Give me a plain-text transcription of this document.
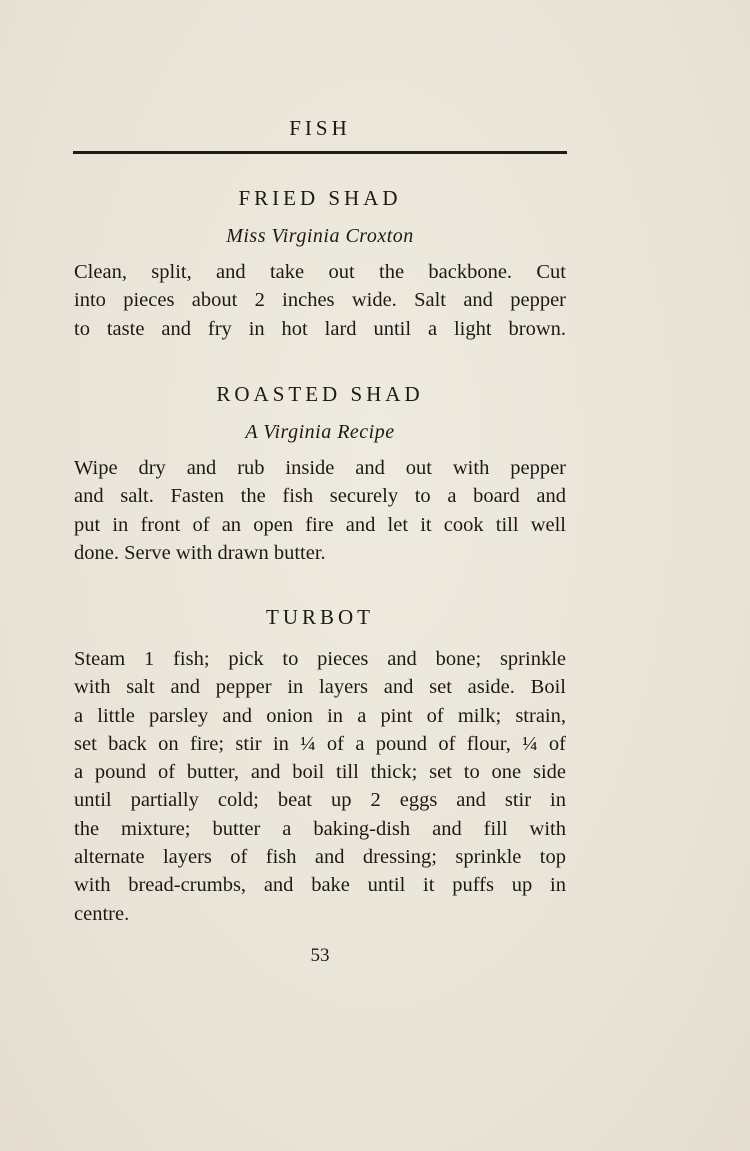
FISH
FRIED SHAD
Miss Virginia Croxton
Clean, split, and take out the backbone. Cut
into pieces about 2 inches wide. Salt and pepper
to taste and fry in hot lard until a light brown.
ROASTED SHAD
A Virginia Recipe
Wipe dry and rub inside and out with pepper
and salt. Fasten the fish securely to a board and
put in front of an open fire and let it cook till well
done. Serve with drawn butter.
TURBOT
Steam 1 fish; pick to pieces and bone; sprinkle
with salt and pepper in layers and set aside. Boil
a little parsley and onion in a pint of milk; strain,
set back on fire; stir in ¼ of a pound of flour, ¼ of
a pound of butter, and boil till thick; set to one side
until partially cold; beat up 2 eggs and stir in
the mixture; butter a baking-dish and fill with
alternate layers of fish and dressing; sprinkle top
with bread-crumbs, and bake until it puffs up in
centre.
53
